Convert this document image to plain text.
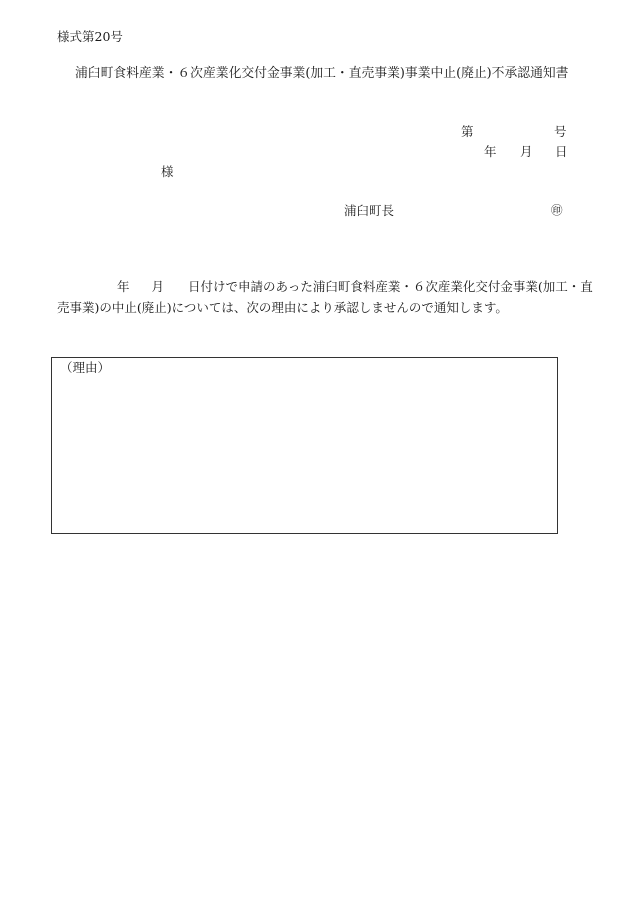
様式第20号
浦臼町食料産業・６次産業化交付金事業(加工・直売事業)事業中止(廃止)不承認通知書
第	号
年 月 日
様
浦臼町長	㊞
年 月 日付けで申請のあった浦臼町食料産業・６次産業化交付金事業(加工・直
売事業)の中止(廃止)については、次の理由により承認しませんので通知します。
（理由）
